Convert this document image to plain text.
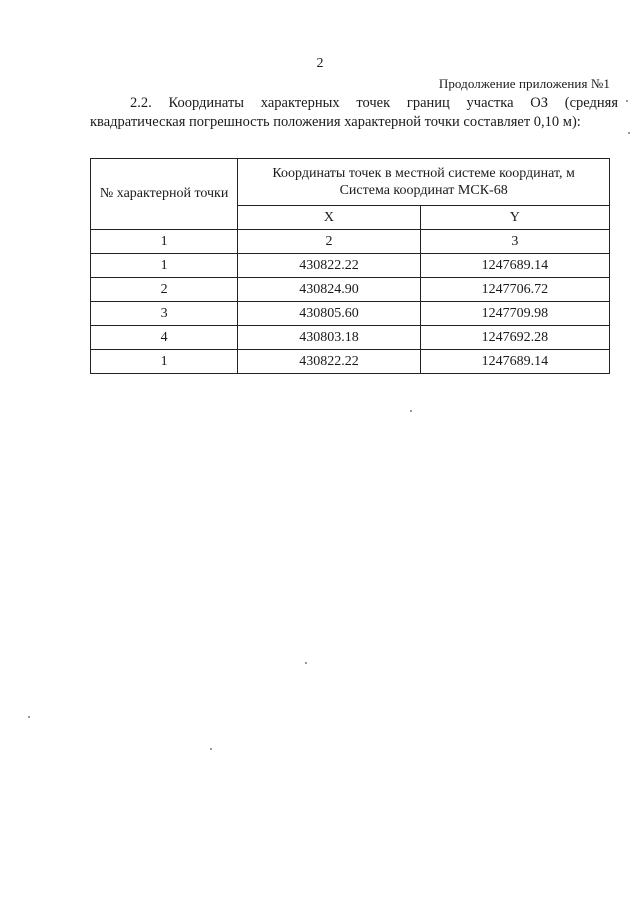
2
Продолжение приложения №1
2.2. Координаты характерных точек границ участка ОЗ (средняя квадратическая погрешность положения характерной точки составляет 0,10 м):
№ характерной точки	Координаты точек в местной системе координат, м
Система координат МСК-68	
	X	Y
1	2	3
1	430822.22	1247689.14
2	430824.90	1247706.72
3	430805.60	1247709.98
4	430803.18	1247692.28
1	430822.22	1247689.14
